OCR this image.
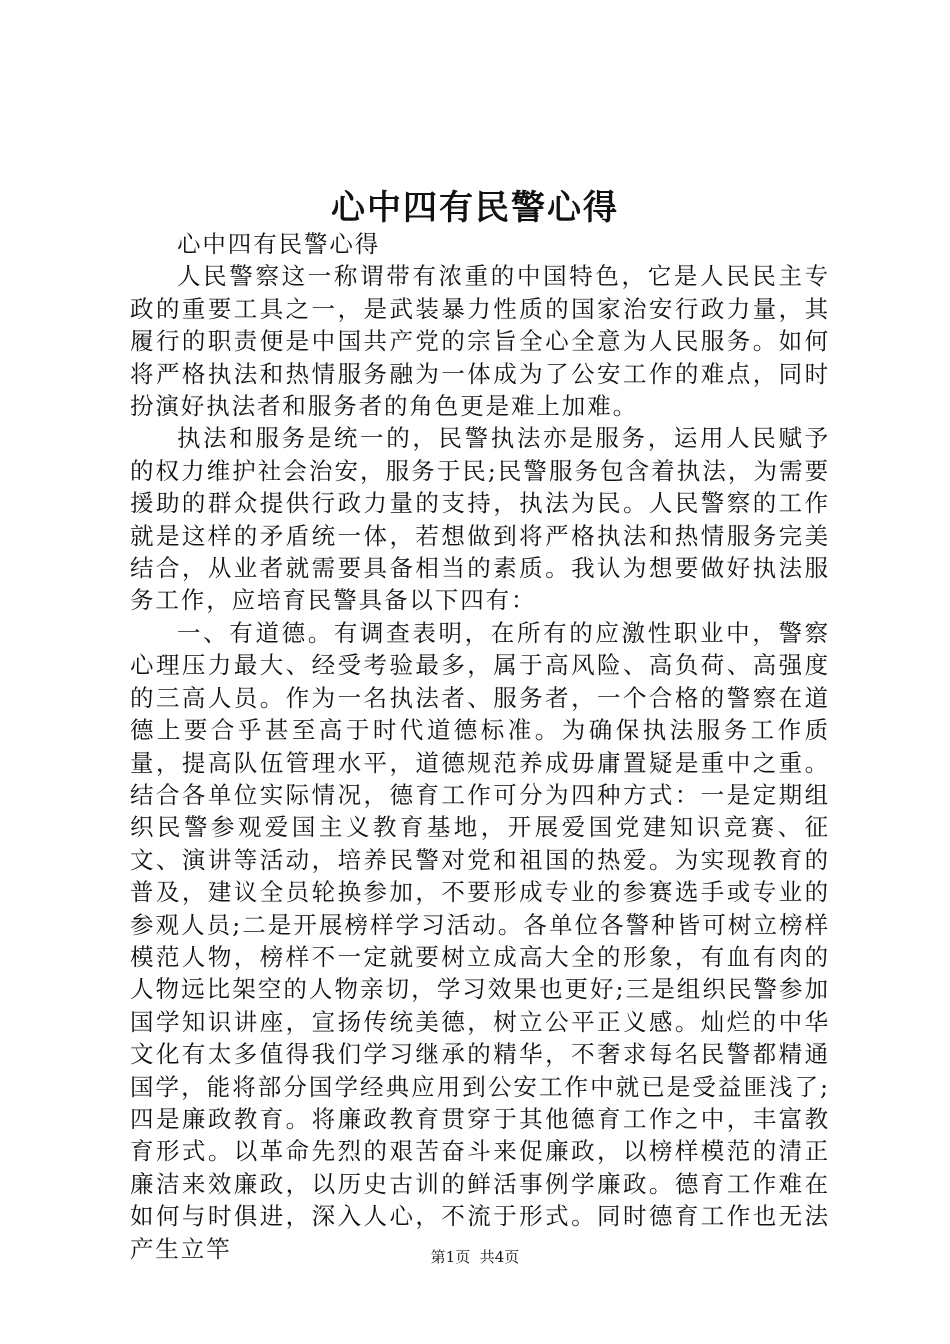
心中四有民警心得

心中四有民警心得

人民警察这一称谓带有浓重的中国特色，它是人民民主专政的重要工具之一，是武装暴力性质的国家治安行政力量，其履行的职责便是中国共产党的宗旨全心全意为人民服务。如何将严格执法和热情服务融为一体成为了公安工作的难点，同时扮演好执法者和服务者的角色更是难上加难。

执法和服务是统一的，民警执法亦是服务，运用人民赋予的权力维护社会治安，服务于民;民警服务包含着执法，为需要援助的群众提供行政力量的支持，执法为民。人民警察的工作就是这样的矛盾统一体，若想做到将严格执法和热情服务完美结合，从业者就需要具备相当的素质。我认为想要做好执法服务工作，应培育民警具备以下四有：

一、有道德。有调查表明，在所有的应激性职业中，警察心理压力最大、经受考验最多，属于高风险、高负荷、高强度的三高人员。作为一名执法者、服务者，一个合格的警察在道德上要合乎甚至高于时代道德标准。为确保执法服务工作质量，提高队伍管理水平，道德规范养成毋庸置疑是重中之重。结合各单位实际情况，德育工作可分为四种方式：一是定期组织民警参观爱国主义教育基地，开展爱国党建知识竞赛、征文、演讲等活动，培养民警对党和祖国的热爱。为实现教育的普及，建议全员轮换参加，不要形成专业的参赛选手或专业的参观人员;二是开展榜样学习活动。各单位各警种皆可树立榜样模范人物，榜样不一定就要树立成高大全的形象，有血有肉的人物远比架空的人物亲切，学习效果也更好;三是组织民警参加国学知识讲座，宣扬传统美德，树立公平正义感。灿烂的中华文化有太多值得我们学习继承的精华，不奢求每名民警都精通国学，能将部分国学经典应用到公安工作中就已是受益匪浅了;四是廉政教育。将廉政教育贯穿于其他德育工作之中，丰富教育形式。以革命先烈的艰苦奋斗来促廉政，以榜样模范的清正廉洁来效廉政，以历史古训的鲜活事例学廉政。德育工作难在如何与时俱进，深入人心，不流于形式。同时德育工作也无法产生立竿	第1页 共4页
